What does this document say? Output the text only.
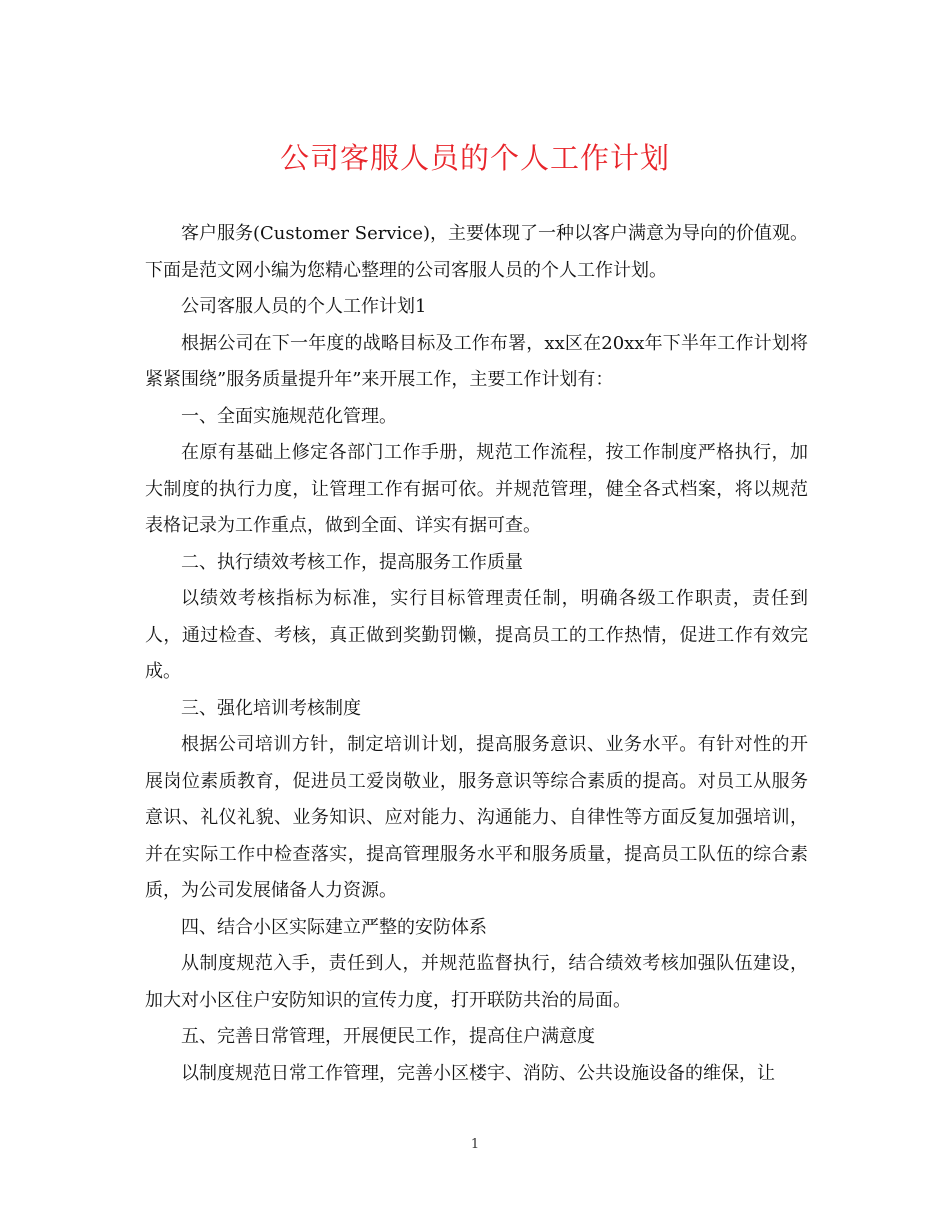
公司客服人员的个人工作计划

客户服务(Customer Service)，主要体现了一种以客户满意为导向的价值观。下面是范文网小编为您精心整理的公司客服人员的个人工作计划。

公司客服人员的个人工作计划1

根据公司在下一年度的战略目标及工作布署，xx区在20xx年下半年工作计划将紧紧围绕”服务质量提升年”来开展工作，主要工作计划有：

一、全面实施规范化管理。

在原有基础上修定各部门工作手册，规范工作流程，按工作制度严格执行，加大制度的执行力度，让管理工作有据可依。并规范管理，健全各式档案，将以规范表格记录为工作重点，做到全面、详实有据可查。

二、执行绩效考核工作，提高服务工作质量

以绩效考核指标为标准，实行目标管理责任制，明确各级工作职责，责任到人，通过检查、考核，真正做到奖勤罚懒，提高员工的工作热情，促进工作有效完成。

三、强化培训考核制度

根据公司培训方针，制定培训计划，提高服务意识、业务水平。有针对性的开展岗位素质教育，促进员工爱岗敬业，服务意识等综合素质的提高。对员工从服务意识、礼仪礼貌、业务知识、应对能力、沟通能力、自律性等方面反复加强培训，并在实际工作中检查落实，提高管理服务水平和服务质量，提高员工队伍的综合素质，为公司发展储备人力资源。

四、结合小区实际建立严整的安防体系

从制度规范入手，责任到人，并规范监督执行，结合绩效考核加强队伍建设，加大对小区住户安防知识的宣传力度，打开联防共治的局面。

五、完善日常管理，开展便民工作，提高住户满意度

以制度规范日常工作管理，完善小区楼宇、消防、公共设施设备的维保，让

1
